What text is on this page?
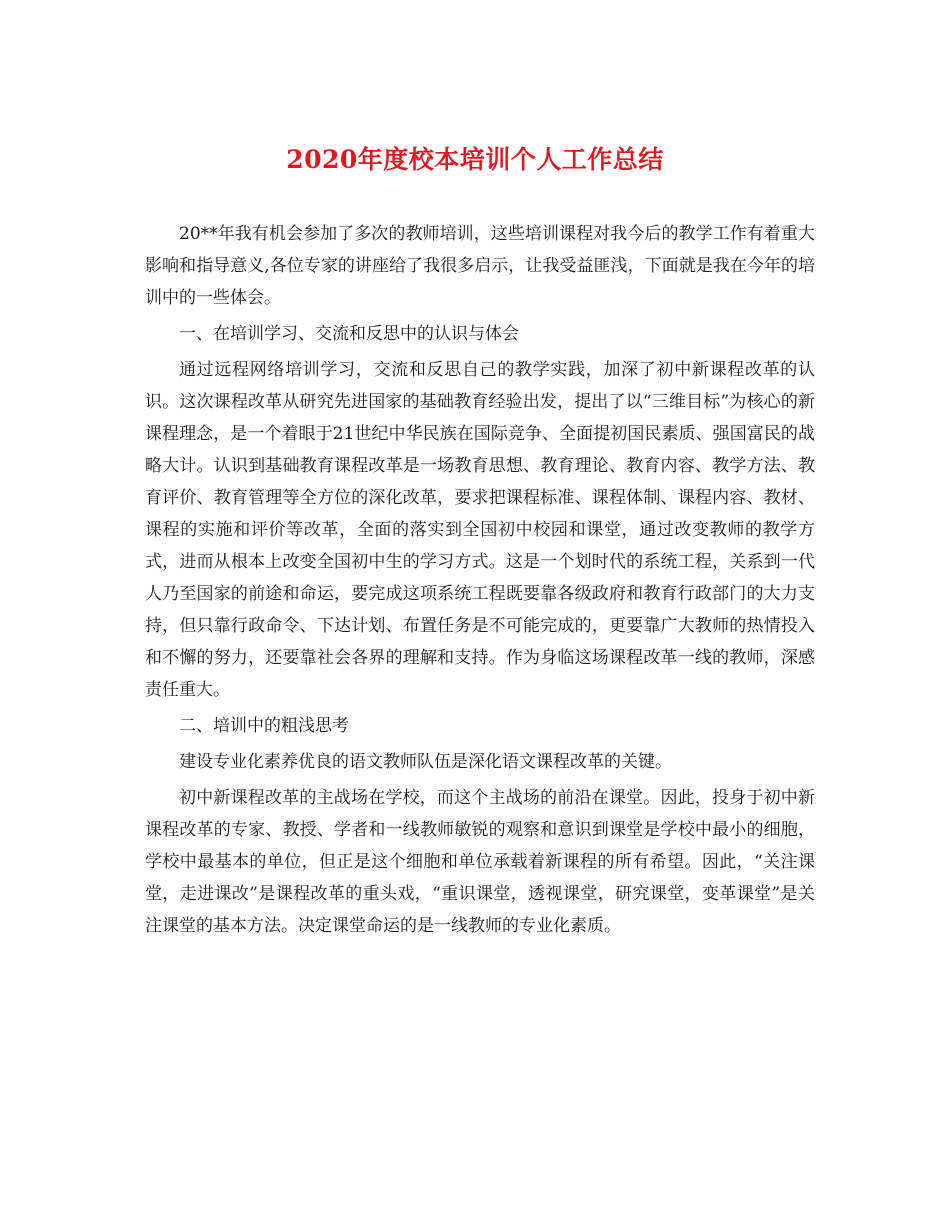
2020年度校本培训个人工作总结

20**年我有机会参加了多次的教师培训，这些培训课程对我今后的教学工作有着重大影响和指导意义,各位专家的讲座给了我很多启示，让我受益匪浅，下面就是我在今年的培训中的一些体会。

一、在培训学习、交流和反思中的认识与体会

通过远程网络培训学习，交流和反思自己的教学实践，加深了初中新课程改革的认识。这次课程改革从研究先进国家的基础教育经验出发，提出了以“三维目标”为核心的新课程理念，是一个着眼于21世纪中华民族在国际竞争、全面提初国民素质、强国富民的战略大计。认识到基础教育课程改革是一场教育思想、教育理论、教育内容、教学方法、教育评价、教育管理等全方位的深化改革，要求把课程标准、课程体制、课程内容、教材、课程的实施和评价等改革，全面的落实到全国初中校园和课堂，通过改变教师的教学方式，进而从根本上改变全国初中生的学习方式。这是一个划时代的系统工程，关系到一代人乃至国家的前途和命运，要完成这项系统工程既要靠各级政府和教育行政部门的大力支持，但只靠行政命令、下达计划、布置任务是不可能完成的，更要靠广大教师的热情投入和不懈的努力，还要靠社会各界的理解和支持。作为身临这场课程改革一线的教师，深感责任重大。

二、培训中的粗浅思考

建设专业化素养优良的语文教师队伍是深化语文课程改革的关键。

初中新课程改革的主战场在学校，而这个主战场的前沿在课堂。因此，投身于初中新课程改革的专家、教授、学者和一线教师敏锐的观察和意识到课堂是学校中最小的细胞，学校中最基本的单位，但正是这个细胞和单位承载着新课程的所有希望。因此，“关注课堂，走进课改”是课程改革的重头戏，“重识课堂，透视课堂，研究课堂，变革课堂”是关注课堂的基本方法。决定课堂命运的是一线教师的专业化素质。
